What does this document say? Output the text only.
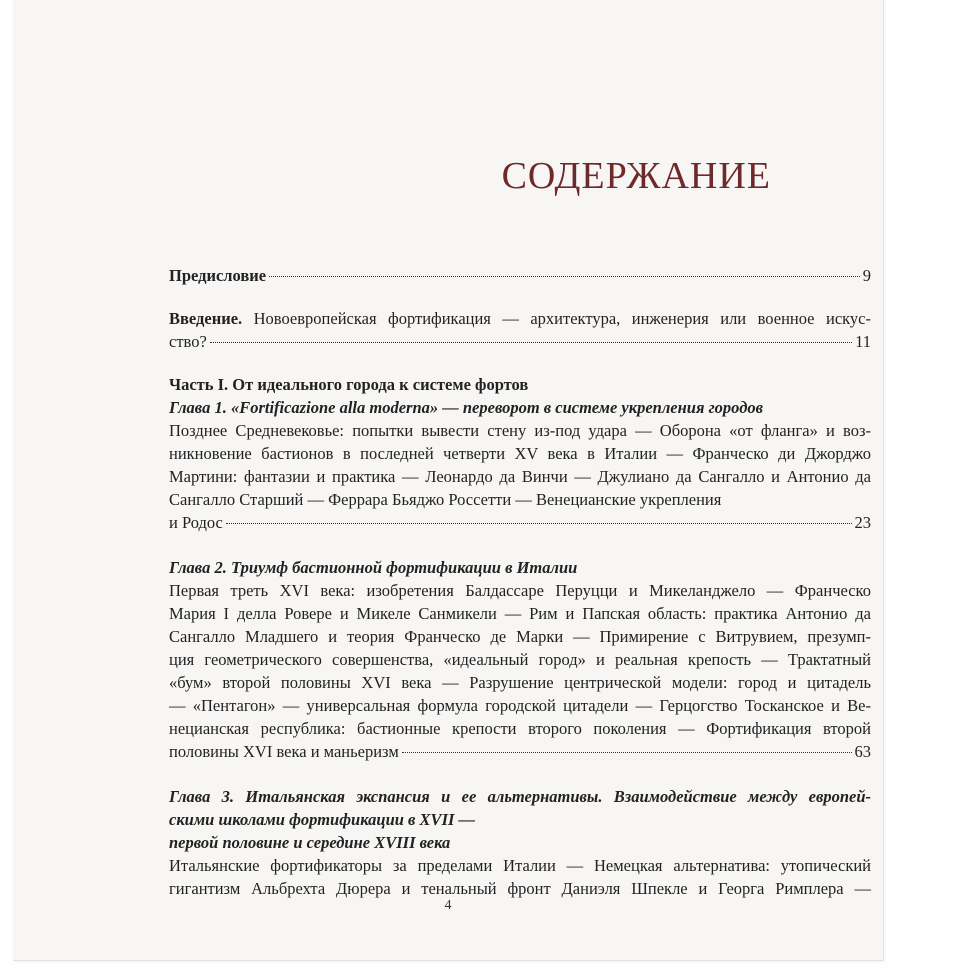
СОДЕРЖАНИЕ
Предисловие	9
Введение. Новоевропейская фортификация — архитектура, инженерия или военное искус-
ство?	11
Часть I. От идеального города к системе фортов
Глава 1. «Fortificazione alla moderna» — переворот в системе укрепления городов
Позднее Средневековье: попытки вывести стену из-под удара — Оборона «от фланга» и воз-
никновение бастионов в последней четверти XV века в Италии — Франческо ди Джорджо
Мартини: фантазии и практика — Леонардо да Винчи — Джулиано да Сангалло и Антонио да
Сангалло Старший — Феррара Бьяджо Россетти — Венецианские укрепления
и Родос	23
Глава 2. Триумф бастионной фортификации в Италии
Первая треть XVI века: изобретения Балдассаре Перуцци и Микеланджело — Франческо
Мария I делла Ровере и Микеле Санмикели — Рим и Папская область: практика Антонио да
Сангалло Младшего и теория Франческо де Марки — Примирение с Витрувием, презумп-
ция геометрического совершенства, «идеальный город» и реальная крепость — Трактатный
«бум» второй половины XVI века — Разрушение центрической модели: город и цитадель
— «Пентагон» — универсальная формула городской цитадели — Герцогство Тосканское и Ве-
нецианская республика: бастионные крепости второго поколения — Фортификация второй
половины XVI века и маньеризм	63
Глава 3. Итальянская экспансия и ее альтернативы. Взаимодействие между европей-
скими школами фортификации в XVII —
первой половине и середине XVIII века
Итальянские фортификаторы за пределами Италии — Немецкая альтернатива: утопический
гигантизм Альбрехта Дюрера и тенальный фронт Даниэля Шпекле и Георга Римплера —
4
